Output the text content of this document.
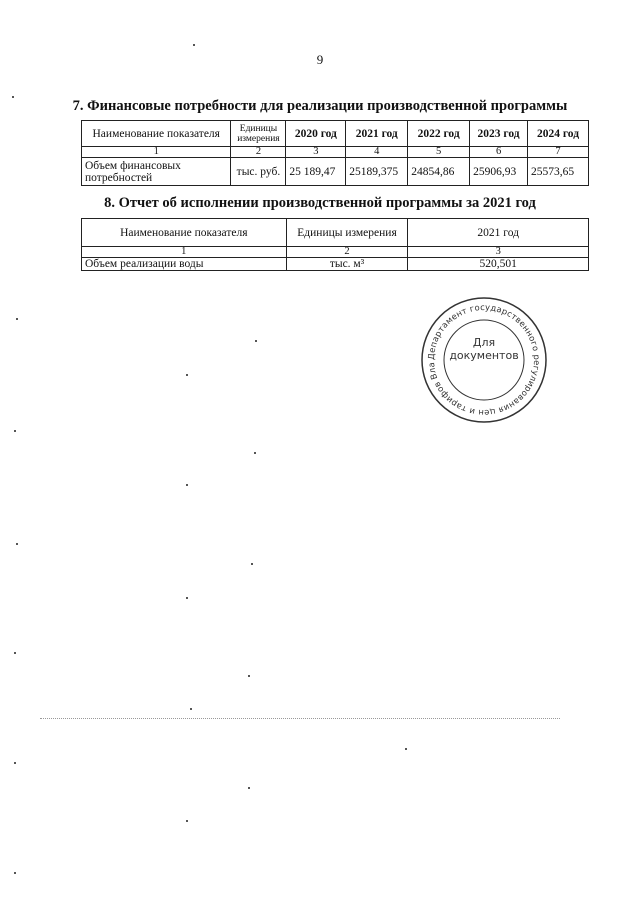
9
7. Финансовые потребности для реализации производственной программы
Наименование показателя	Единицы измерения	2020 год	2021 год	2022 год	2023 год	2024 год
1	2	3	4	5	6	7
Объем финансовых потребностей	тыс. руб.	25 189,47	25189,375	24854,86	25906,93	25573,65
8. Отчет об исполнении производственной программы за 2021 год
Наименование показателя	Единицы измерения	2021 год
1	2	3
Объем реализации воды	тыс. м³	520,501
Департамент государственного регулирования цен и тарифов Вла
Для
документов
